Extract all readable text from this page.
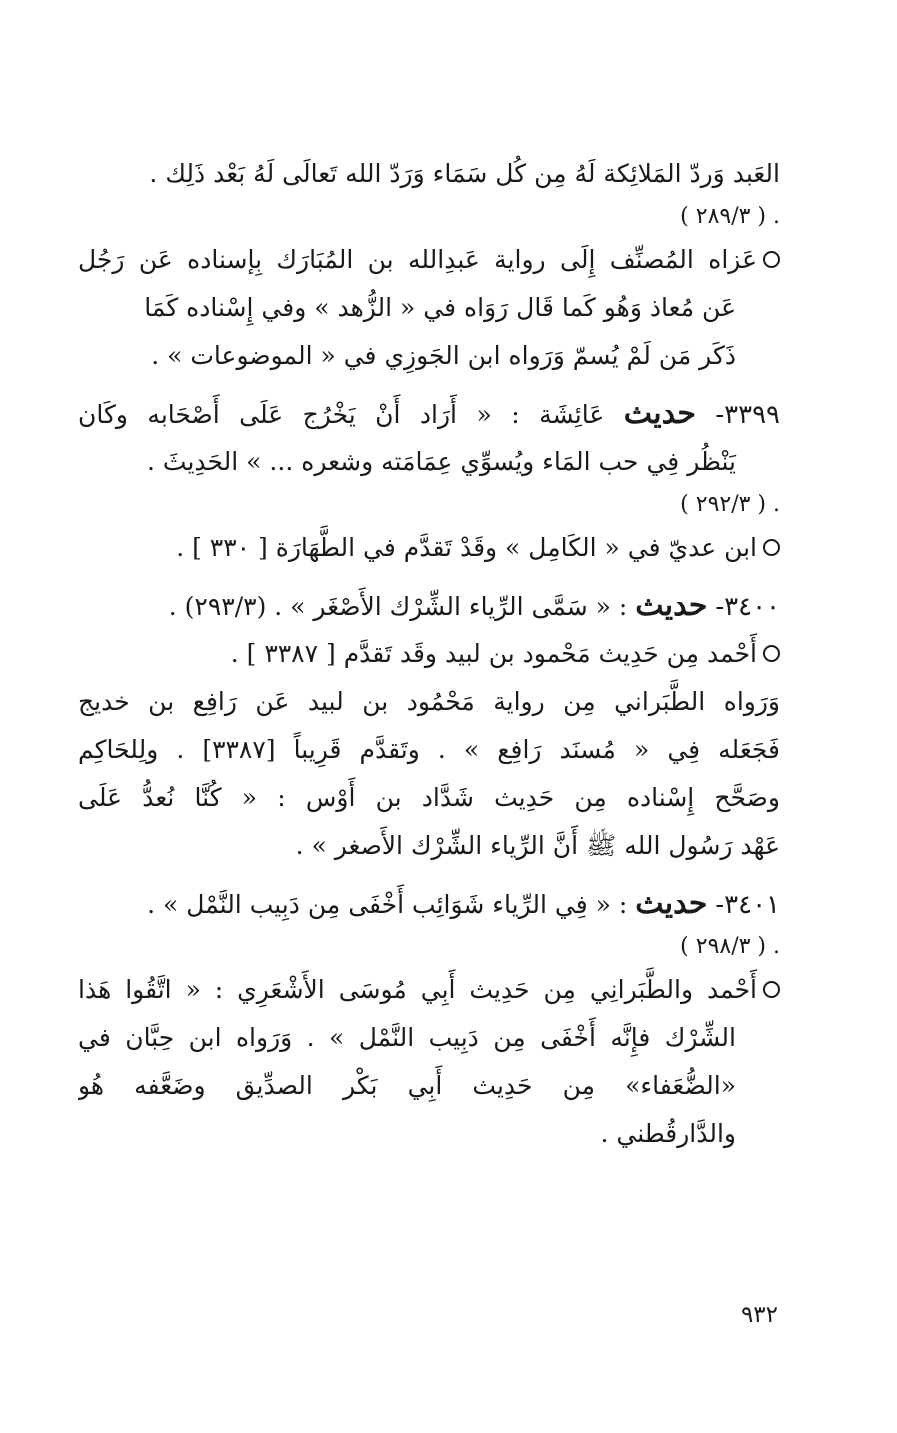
العَبد وَردّ المَلائِكة لَهُ مِن كُل سَمَاء وَرَدّ الله تَعالَى لَهُ بَعْد ذَلِك .
. ( ٢٨٩/٣ )
عَزاه المُصنِّف إِلَى رواية عَبدِالله بن المُبَارَك بِإسناده عَن رَجُل
عَن مُعاذ وَهُو كَما قَال رَوَاه في « الزُّهد » وفي إِسْناده كَمَا
ذَكَر مَن لَمْ يُسمّ وَرَواه ابن الجَوزِي في « الموضوعات » .
٣٣٩٩- حديث عَائِشَة : « أَرَاد أَنْ يَخْرُج عَلَى أَصْحَابه وكَان
يَنْظُر فِي حب المَاء ويُسوِّي عِمَامَته وشعره ... » الحَدِيثَ .
. ( ٢٩٢/٣ )
ابن عديّ في « الكَامِل » وقَدْ تَقدَّم في الطَّهَارَة [ ٣٣٠ ] .
٣٤٠٠- حديث : « سَمَّى الرِّياء الشِّرْك الأَصْغَر » . (٢٩٣/٣) .
أَحْمد مِن حَدِيث مَحْمود بن لبيد وقَد تَقدَّم [ ٣٣٨٧ ] .
وَرَواه الطَّبَراني مِن رواية مَحْمُود بن لبيد عَن رَافِع بن خديج
فَجَعَله فِي « مُسنَد رَافِع » . وتَقدَّم قَرِيباً [٣٣٨٧] . ولِلحَاكِم
وصَحَّح إِسْناده مِن حَدِيث شَدَّاد بن أَوْس : « كُنَّا نُعدُّ عَلَى
عَهْد رَسُول الله ﷺ أَنَّ الرِّياء الشِّرْك الأَصغر » .
٣٤٠١- حديث : « فِي الرِّياء شَوَائِب أَخْفَى مِن دَبِيب النَّمْل » .
. ( ٢٩٨/٣ )
أَحْمد والطَّبَرانِي مِن حَدِيث أَبِي مُوسَى الأَشْعَرِي : « اتَّقُوا هَذا
الشِّرْك فإِنَّه أَخْفَى مِن دَبِيب النَّمْل » . وَرَواه ابن حِبَّان في
«الضُّعَفاء» مِن حَدِيث أَبِي بَكْر الصدِّيق وضَعَّفه هُو
والدَّارقُطني .
٩٣٢
